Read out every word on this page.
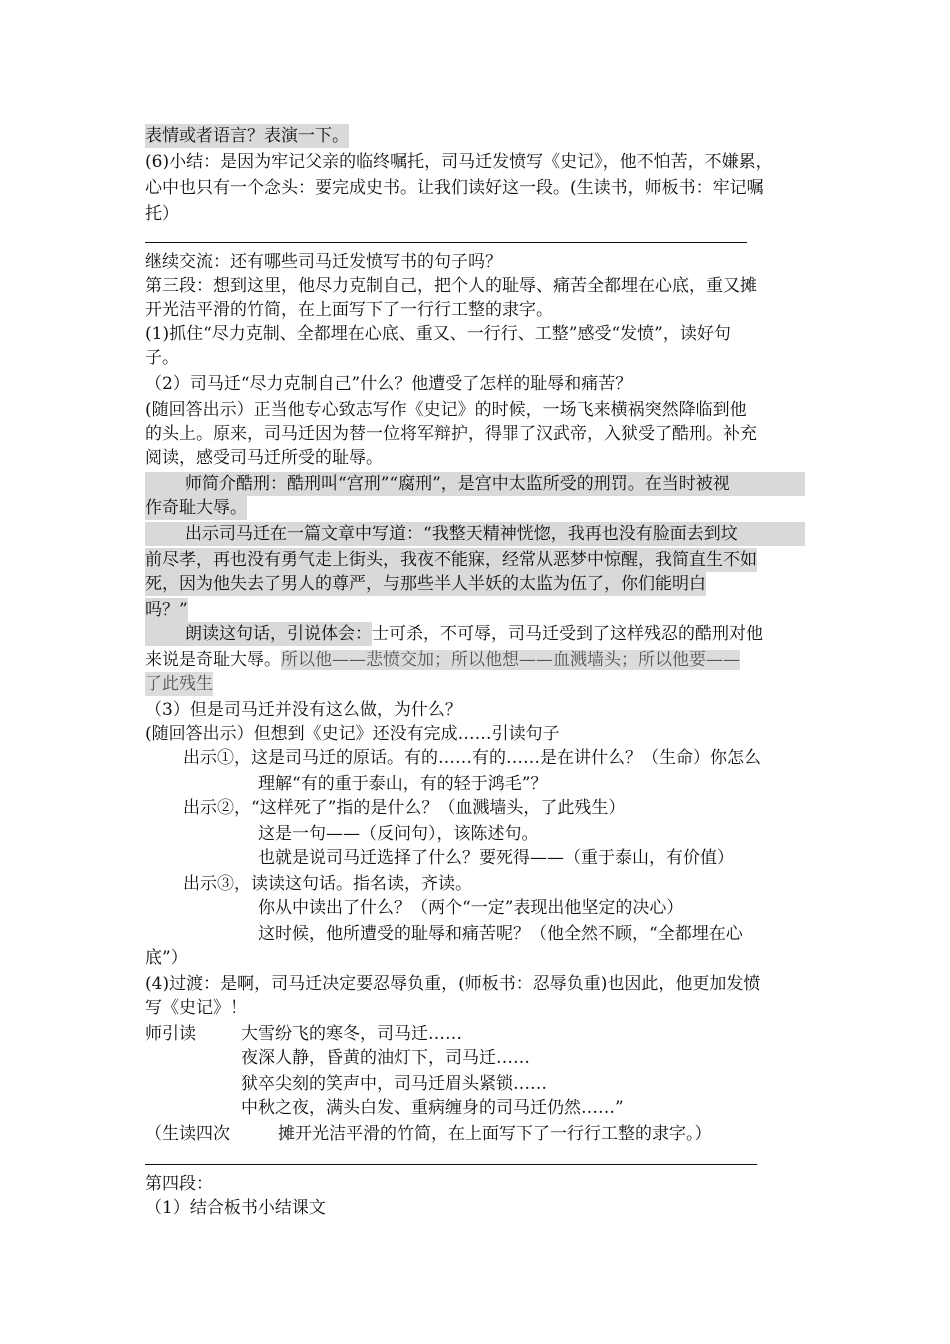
表情或者语言？表演一下。
(6)小结：是因为牢记父亲的临终嘱托，司马迁发愤写《史记》，他不怕苦，不嫌累，
心中也只有一个念头：要完成史书。让我们读好这一段。(生读书，师板书：牢记嘱
托）
继续交流：还有哪些司马迁发愤写书的句子吗？
第三段：想到这里，他尽力克制自己，把个人的耻辱、痛苦全都埋在心底，重又摊
开光洁平滑的竹简，在上面写下了一行行工整的隶字。
(1)抓住“尽力克制、全都埋在心底、重又、一行行、工整”感受“发愤”，读好句
子。
（2）司马迁“尽力克制自己”什么？他遭受了怎样的耻辱和痛苦？
(随回答出示）正当他专心致志写作《史记》的时候，一场飞来横祸突然降临到他
的头上。原来，司马迁因为替一位将军辩护，得罪了汉武帝，入狱受了酷刑。补充
阅读，感受司马迁所受的耻辱。
师简介酷刑：酷刑叫“宫刑”“腐刑”，是宫中太监所受的刑罚。在当时被视
作奇耻大辱。
出示司马迁在一篇文章中写道：“我整天精神恍惚，我再也没有脸面去到坟
前尽孝，再也没有勇气走上街头，我夜不能寐，经常从恶梦中惊醒，我简直生不如
死，因为他失去了男人的尊严，与那些半人半妖的太监为伍了，你们能明白
吗？”
朗读这句话，引说体会：士可杀，不可辱，司马迁受到了这样残忍的酷刑对他
来说是奇耻大辱。所以他——悲愤交加；所以他想——血溅墙头；所以他要——
了此残生
（3）但是司马迁并没有这么做，为什么？
(随回答出示）但想到《史记》还没有完成……引读句子
出示①，这是司马迁的原话。有的……有的……是在讲什么？（生命）你怎么
理解“有的重于泰山，有的轻于鸿毛”？
出示②，“这样死了”指的是什么？（血溅墙头，了此残生）
这是一句——（反问句），该陈述句。
也就是说司马迁选择了什么？要死得——（重于泰山，有价值）
出示③，读读这句话。指名读，齐读。
你从中读出了什么？（两个“一定”表现出他坚定的决心）
这时候，他所遭受的耻辱和痛苦呢？（他全然不顾，“全都埋在心
底”）
(4)过渡：是啊，司马迁决定要忍辱负重，(师板书：忍辱负重)也因此，他更加发愤
写《史记》！
师引读	大雪纷飞的寒冬，司马迁……
夜深人静，昏黄的油灯下，司马迁……
狱卒尖刻的笑声中，司马迁眉头紧锁……
中秋之夜，满头白发、重病缠身的司马迁仍然……”
（生读四次	摊开光洁平滑的竹简，在上面写下了一行行工整的隶字。）
第四段：
（1）结合板书小结课文
